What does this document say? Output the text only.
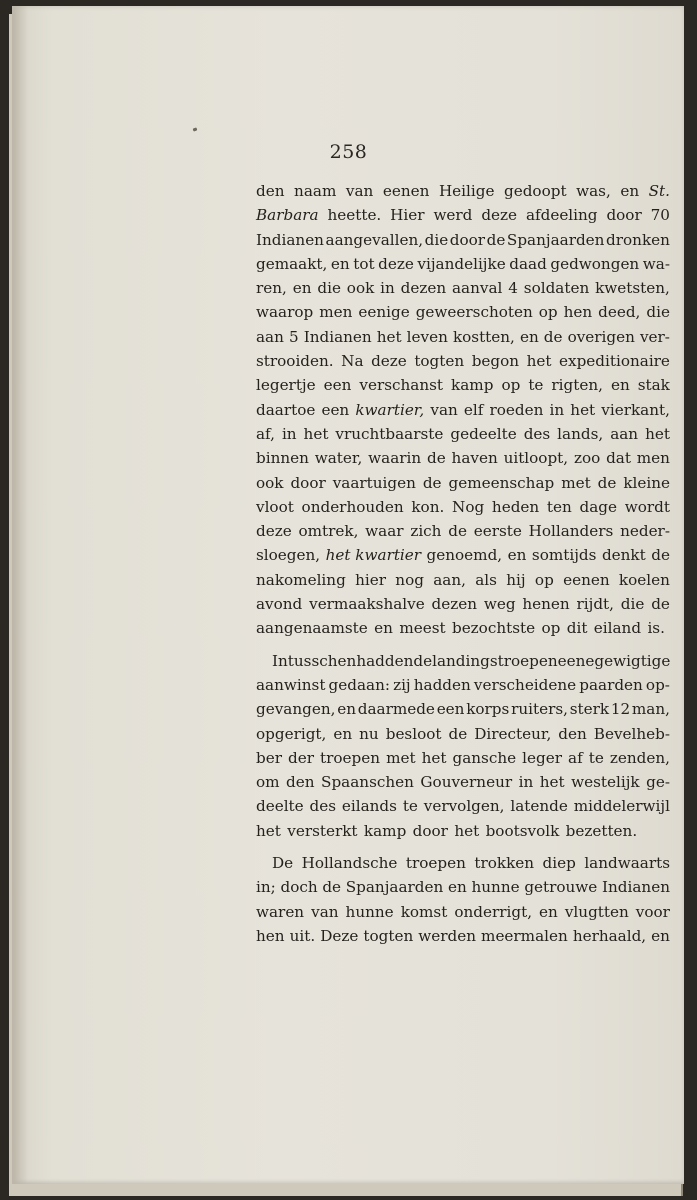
258
den naam van eenen Heilige gedoopt was, en St.
Barbara heette. Hier werd deze afdeeling door 70
Indianen aangevallen, die door de Spanjaarden dronken
gemaakt, en tot deze vijandelijke daad gedwongen wa-
ren, en die ook in dezen aanval 4 soldaten kwetsten,
waarop men eenige geweerschoten op hen deed, die
aan 5 Indianen het leven kostten, en de overigen ver-
strooiden. Na deze togten begon het expeditionaire
legertje een verschanst kamp op te rigten, en stak
daartoe een kwartier, van elf roeden in het vierkant,
af, in het vruchtbaarste gedeelte des lands, aan het
binnen water, waarin de haven uitloopt, zoo dat men
ook door vaartuigen de gemeenschap met de kleine
vloot onderhouden kon. Nog heden ten dage wordt
deze omtrek, waar zich de eerste Hollanders neder-
sloegen, het kwartier genoemd, en somtijds denkt de
nakomeling hier nog aan, als hij op eenen koelen
avond vermaakshalve dezen weg henen rijdt, die de
aangenaamste en meest bezochtste op dit eiland is.
Intusschen hadden de landingstroepen eene gewigtige
aanwinst gedaan: zij hadden verscheidene paarden op-
gevangen, en daarmede een korps ruiters, sterk 12 man,
opgerigt, en nu besloot de Directeur, den Bevelheb-
ber der troepen met het gansche leger af te zenden,
om den Spaanschen Gouverneur in het westelijk ge-
deelte des eilands te vervolgen, latende middelerwijl
het versterkt kamp door het bootsvolk bezetten.
De Hollandsche troepen trokken diep landwaarts
in; doch de Spanjaarden en hunne getrouwe Indianen
waren van hunne komst onderrigt, en vlugtten voor
hen uit. Deze togten werden meermalen herhaald, en
